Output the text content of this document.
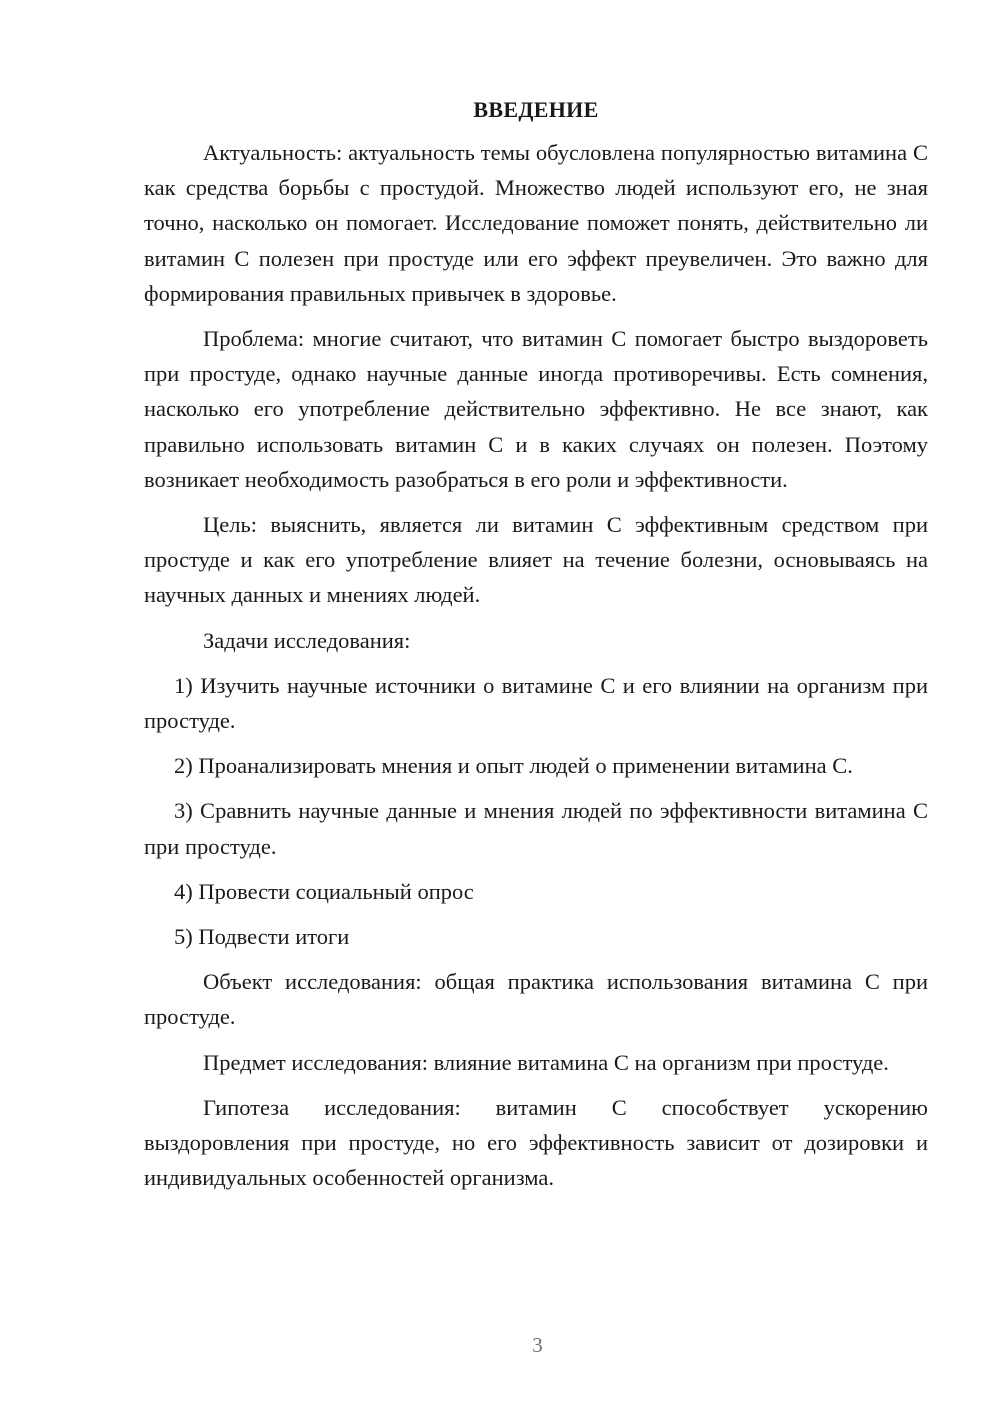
ВВЕДЕНИЕ

Актуальность: актуальность темы обусловлена популярностью витамина С как средства борьбы с простудой. Множество людей используют его, не зная точно, насколько он помогает. Исследование поможет понять, действительно ли витамин С полезен при простуде или его эффект преувеличен. Это важно для формирования правильных привычек в здоровье.

Проблема: многие считают, что витамин С помогает быстро выздороветь при простуде, однако научные данные иногда противоречивы. Есть сомнения, насколько его употребление действительно эффективно. Не все знают, как правильно использовать витамин С и в каких случаях он полезен. Поэтому возникает необходимость разобраться в его роли и эффективности.

Цель: выяснить, является ли витамин С эффективным средством при простуде и как его употребление влияет на течение болезни, основываясь на научных данных и мнениях людей.

Задачи исследования:

1) Изучить научные источники о витамине С и его влиянии на организм при простуде.

2) Проанализировать мнения и опыт людей о применении витамина С.

3) Сравнить научные данные и мнения людей по эффективности витамина С при простуде.

4) Провести социальный опрос

5) Подвести итоги

Объект исследования: общая практика использования витамина С при простуде.

Предмет исследования: влияние витамина С на организм при простуде.

Гипотеза исследования: витамин С способствует ускорению выздоровления при простуде, но его эффективность зависит от дозировки и индивидуальных особенностей организма.

3
